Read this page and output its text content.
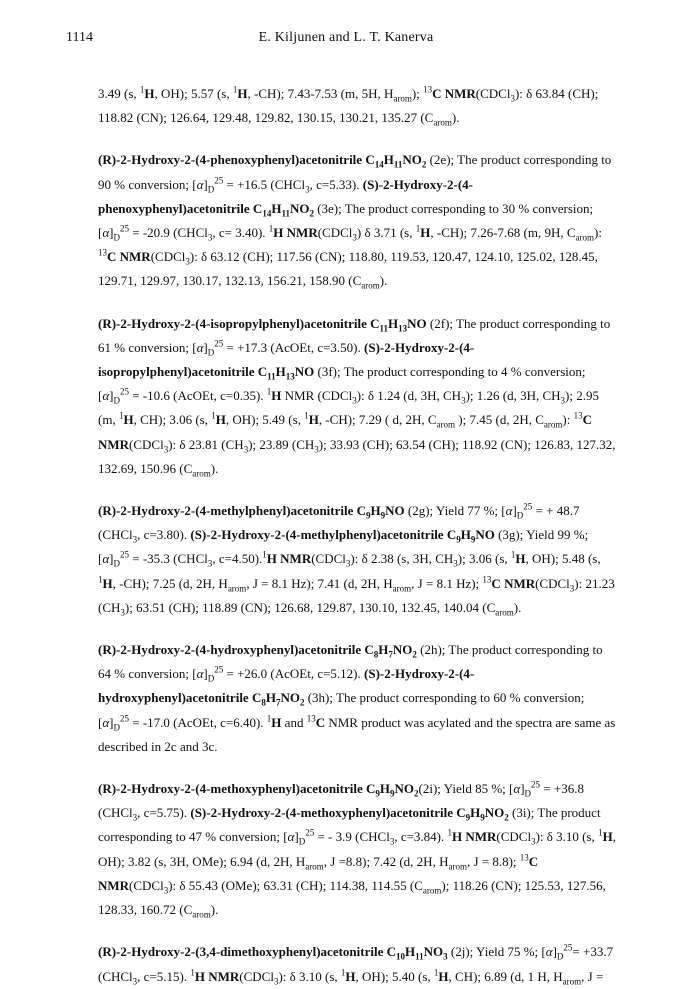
1114	E. Kiljunen and L. T. Kanerva

3.49 (s, $^1$H, OH); 5.57 (s, $^1$H, -CH); 7.43-7.53 (m, 5H, $H_{arom}$); $^{13}$C NMR(CDCl$_3$): δ 63.84 (CH); 118.82 (CN); 126.64, 129.48, 129.82, 130.15, 130.21, 135.27 $(C_{arom})$.

(R)-2-Hydroxy-2-(4-phenoxyphenyl)acetonitrile $C_{14}H_{11}NO_2$ (2e); The product corresponding to 90 % conversion; $[\alpha]_D^{25} = +16.5$ (CHCl$_3$, c=5.33). (S)-2-Hydroxy-2-(4-phenoxyphenyl)acetonitrile $C_{14}H_{11}NO_2$ (3e); The product corresponding to 30 % conversion; $[\alpha]_D^{25} = -20.9$ (CHCl$_3$, c= 3.40). $^1$H NMR(CDCl$_3$) δ 3.71 (s, $^1$H, -CH); 7.26-7.68 (m, 9H, $C_{arom}$): $^{13}$C NMR(CDCl$_3$): δ 63.12 (CH); 117.56 (CN); 118.80, 119.53, 120.47, 124.10, 125.02, 128.45, 129.71, 129.97, 130.17, 132.13, 156.21, 158.90 $(C_{arom})$.

(R)-2-Hydroxy-2-(4-isopropylphenyl)acetonitrile $C_{11}H_{13}NO$ (2f); The product corresponding to 61 % conversion; $[\alpha]_D^{25} = +17.3$ (AcOEt, c=3.50). (S)-2-Hydroxy-2-(4-isopropylphenyl)acetonitrile $C_{11}H_{13}NO$ (3f); The product corresponding to 4 % conversion; $[\alpha]_D^{25} = -10.6$ (AcOEt, c=0.35). $^1$H NMR (CDCl$_3$): δ 1.24 (d, 3H, $CH_3$); 1.26 (d, 3H, $CH_3$); 2.95 (m, $^1$H, CH); 3.06 (s, $^1$H, OH); 5.49 (s, $^1$H, -CH); 7.29 ( d, 2H, $C_{arom}$ ); 7.45 (d, 2H, $C_{arom}$): $^{13}$C NMR(CDCl$_3$): δ 23.81 $(CH_3)$; 23.89 $(CH_3)$; 33.93 (CH); 63.54 (CH); 118.92 (CN); 126.83, 127.32, 132.69, 150.96 $(C_{arom})$.

(R)-2-Hydroxy-2-(4-methylphenyl)acetonitrile $C_9H_9NO$ (2g); Yield 77 %; $[\alpha]_D^{25}$ = + 48.7 (CHCl$_3$, c=3.80). (S)-2-Hydroxy-2-(4-methylphenyl)acetonitrile $C_9H_9NO$ (3g); Yield 99 %; $[\alpha]_D^{25} = -35.3$ (CHCl$_3$, c=4.50).$^1$H NMR(CDCl$_3$): δ 2.38 (s, 3H, $CH_3$); 3.06 (s, $^1$H, OH); 5.48 (s, $^1$H, -CH); 7.25 (d, 2H, $H_{arom}$, J = 8.1 Hz); 7.41 (d, 2H, $H_{arom}$, J = 8.1 Hz); $^{13}$C NMR(CDCl$_3$): 21.23 $(CH_3)$; 63.51 (CH); 118.89 (CN); 126.68, 129.87, 130.10, 132.45, 140.04 $(C_{arom})$.

(R)-2-Hydroxy-2-(4-hydroxyphenyl)acetonitrile $C_8H_7NO_2$ (2h); The product corresponding to 64 % conversion; $[\alpha]_D^{25} = +26.0$ (AcOEt, c=5.12). (S)-2-Hydroxy-2-(4-hydroxyphenyl)acetonitrile $C_8H_7NO_2$ (3h); The product corresponding to 60 % conversion; $[\alpha]_D^{25} = -17.0$ (AcOEt, c=6.40). $^1$H and $^{13}$C NMR product was acylated and the spectra are same as described in 2c and 3c.

(R)-2-Hydroxy-2-(4-methoxyphenyl)acetonitrile $C_9H_9NO_2(2i)$; Yield 85 %; $[\alpha]_D^{25} = +36.8$ (CHCl$_3$, c=5.75). (S)-2-Hydroxy-2-(4-methoxyphenyl)acetonitrile $C_9H_9NO_2$ (3i); The product corresponding to 47 % conversion; $[\alpha]_D^{25}$ = - 3.9 (CHCl$_3$, c=3.84). $^1$H NMR(CDCl$_3$): δ 3.10 (s, $^1$H, OH); 3.82 (s, 3H, OMe); 6.94 (d, 2H, $H_{arom}$, J =8.8); 7.42 (d, 2H, $H_{arom}$, J = 8.8); $^{13}$C NMR(CDCl$_3$): δ 55.43 (OMe); 63.31 (CH); 114.38, 114.55 $(C_{arom})$; 118.26 (CN); 125.53, 127.56, 128.33, 160.72 $(C_{arom})$.

(R)-2-Hydroxy-2-(3,4-dimethoxyphenyl)acetonitrile $C_{10}H_{11}NO_3$ (2j); Yield 75 %; $[\alpha]_D^{25}= +33.7$ (CHCl$_3$, c=5.15). $^1$H NMR(CDCl$_3$): δ 3.10 (s, $^1$H, OH); 5.40 (s, $^1$H, CH); 6.89 (d, 1 H, $H_{arom}$, J =
